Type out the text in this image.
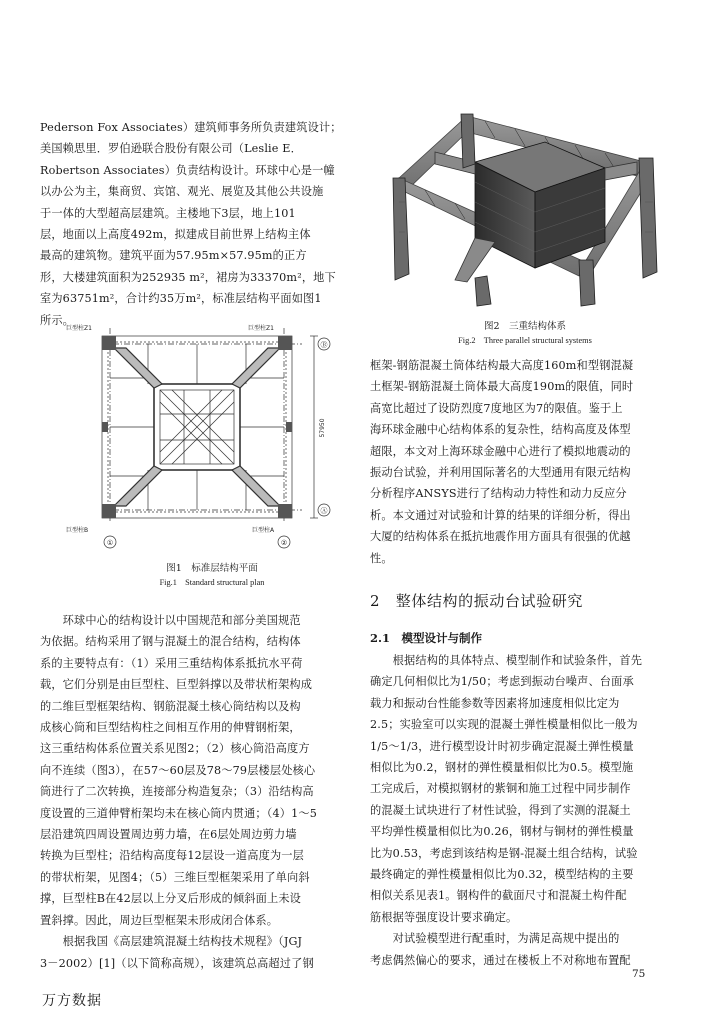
Pederson Fox Associates）建筑师事务所负责建筑设计；

美国赖思里．罗伯逊联合股份有限公司（Leslie E．

Robertson Associates）负责结构设计。环球中心是一幢

以办公为主，集商贸、宾馆、观光、展览及其他公共设施

于一体的大型超高层建筑。主楼地下3层，地上101

层，地面以上高度492m，拟建成目前世界上结构主体

最高的建筑物。建筑平面为57.95m×57.95m的正方

形，大楼建筑面积为252935 m²，裙房为33370m²，地下

室为63751m²，合计约35万m²，标准层结构平面如图1

所示。

Ⓑ
Ⓐ
①	②
巨型柱Z1	巨型柱Z1
巨型柱B	巨型柱A
57950
图1　标准层结构平面
Fig.1　Standard structural plan

　　环球中心的结构设计以中国规范和部分美国规范

为依据。结构采用了钢与混凝土的混合结构，结构体

系的主要特点有：（1）采用三重结构体系抵抗水平荷

载，它们分别是由巨型柱、巨型斜撑以及带状桁架构成

的二维巨型框架结构、钢筋混凝土核心筒结构以及构

成核心筒和巨型结构柱之间相互作用的伸臂钢桁架，

这三重结构体系位置关系见图2；（2）核心筒沿高度方

向不连续（图3），在57～60层及78～79层楼层处核心

筒进行了二次转换，连接部分构造复杂；（3）沿结构高

度设置的三道伸臂桁架均未在核心筒内贯通；（4）1～5

层沿建筑四周设置周边剪力墙，在6层处周边剪力墙

转换为巨型柱；沿结构高度每12层设一道高度为一层

的带状桁架，见图4；（5）三维巨型框架采用了单向斜

撑，巨型柱B在42层以上分叉后形成的倾斜面上未设

置斜撑。因此，周边巨型框架未形成闭合体系。

　　根据我国《高层建筑混凝土结构技术规程》（JGJ

3－2002）[1]（以下简称高规），该建筑总高超过了钢

图2　三重结构体系
Fig.2　Three parallel structural systems

框架-钢筋混凝土筒体结构最大高度160m和型钢混凝

土框架-钢筋混凝土筒体最大高度190m的限值，同时

高宽比超过了设防烈度7度地区为7的限值。鉴于上

海环球金融中心结构体系的复杂性，结构高度及体型

超限，本文对上海环球金融中心进行了模拟地震动的

振动台试验，并利用国际著名的大型通用有限元结构

分析程序ANSYS进行了结构动力特性和动力反应分

析。本文通过对试验和计算的结果的详细分析，得出

大厦的结构体系在抵抗地震作用方面具有很强的优越

性。

2　整体结构的振动台试验研究
2.1　模型设计与制作

　　根据结构的具体特点、模型制作和试验条件，首先

确定几何相似比为1/50；考虑到振动台噪声、台面承

载力和振动台性能参数等因素将加速度相似比定为

2.5；实验室可以实现的混凝土弹性模量相似比一般为

1/5～1/3，进行模型设计时初步确定混凝土弹性模量

相似比为0.2，钢材的弹性模量相似比为0.5。模型施

工完成后，对模拟钢材的紫铜和施工过程中同步制作

的混凝土试块进行了材性试验，得到了实测的混凝土

平均弹性模量相似比为0.26，钢材与铜材的弹性模量

比为0.53，考虑到该结构是钢-混凝土组合结构，试验

最终确定的弹性模量相似比为0.32，模型结构的主要

相似关系见表1。钢构件的截面尺寸和混凝土构件配

筋根据等强度设计要求确定。

　　对试验模型进行配重时，为满足高规中提出的

考虑偶然偏心的要求，通过在楼板上不对称地布置配

75
万方数据
